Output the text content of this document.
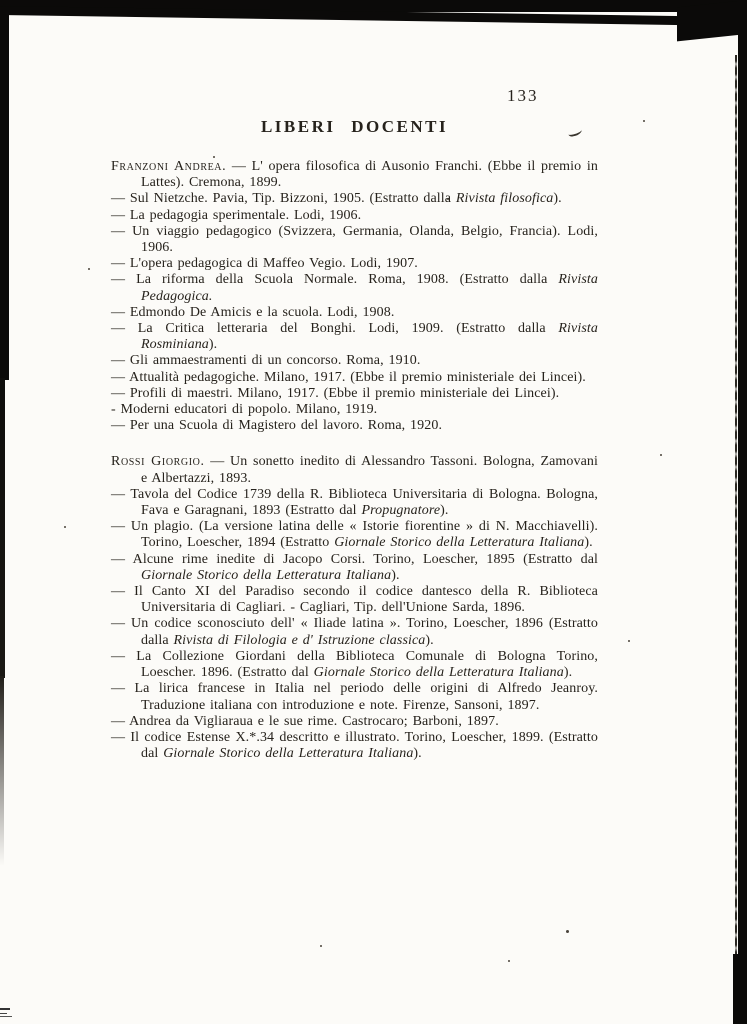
133
LIBERI DOCENTI

Franzoni Andrea. — L' opera filosofica di Ausonio Franchi. (Ebbe il premio in Lattes). Cremona, 1899.

— Sul Nietzche. Pavia, Tip. Bizzoni, 1905. (Estratto dalla Rivista filosofica).

— La pedagogia sperimentale. Lodi, 1906.

— Un viaggio pedagogico (Svizzera, Germania, Olanda, Belgio, Francia). Lodi, 1906.

— L'opera pedagogica di Maffeo Vegio. Lodi, 1907.

— La riforma della Scuola Normale. Roma, 1908. (Estratto dalla Rivista Pedagogica.

— Edmondo De Amicis e la scuola. Lodi, 1908.

— La Critica letteraria del Bonghi. Lodi, 1909. (Estratto dalla Rivista Rosminiana).

— Gli ammaestramenti di un concorso. Roma, 1910.

— Attualità pedagogiche. Milano, 1917. (Ebbe il premio ministeriale dei Lincei).

— Profili di maestri. Milano, 1917. (Ebbe il premio ministeriale dei Lincei).

- Moderni educatori di popolo. Milano, 1919.

— Per una Scuola di Magistero del lavoro. Roma, 1920.

Rossi Giorgio. — Un sonetto inedito di Alessandro Tassoni. Bologna, Zamovani e Albertazzi, 1893.

— Tavola del Codice 1739 della R. Biblioteca Universitaria di Bologna. Bologna, Fava e Garagnani, 1893 (Estratto dal Propugnatore).

— Un plagio. (La versione latina delle « Istorie fiorentine » di N. Macchiavelli). Torino, Loescher, 1894 (Estratto Giornale Storico della Letteratura Italiana).

— Alcune rime inedite di Jacopo Corsi. Torino, Loescher, 1895 (Estratto dal Giornale Storico della Letteratura Italiana).

— Il Canto XI del Paradiso secondo il codice dantesco della R. Biblioteca Universitaria di Cagliari. - Cagliari, Tip. dell'Unione Sarda, 1896.

— Un codice sconosciuto dell' « Iliade latina ». Torino, Loescher, 1896 (Estratto dalla Rivista di Filologia e d' Istruzione classica).

— La Collezione Giordani della Biblioteca Comunale di Bologna Torino, Loescher. 1896. (Estratto dal Giornale Storico della Letteratura Italiana).

— La lirica francese in Italia nel periodo delle origini di Alfredo Jeanroy. Traduzione italiana con introduzione e note. Firenze, Sansoni, 1897.

— Andrea da Vigliaraua e le sue rime. Castrocaro; Barboni, 1897.

— Il codice Estense X.*.34 descritto e illustrato. Torino, Loescher, 1899. (Estratto dal Giornale Storico della Letteratura Italiana).
